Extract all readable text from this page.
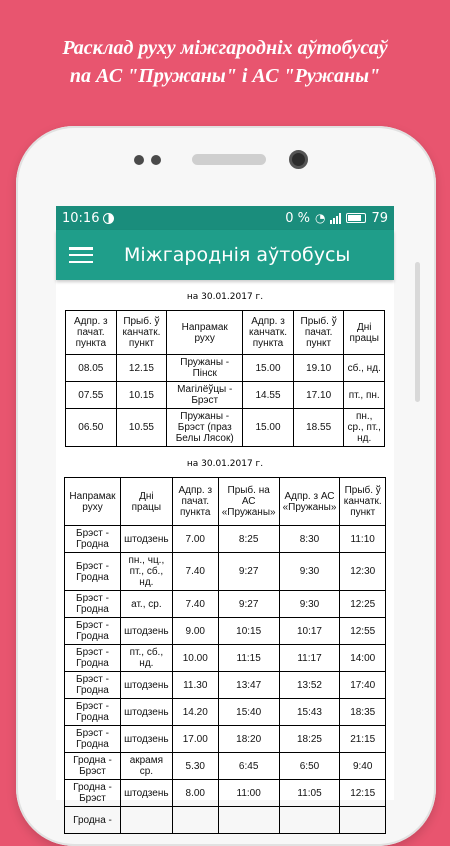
Расклад руху міжгародніх аўтобусаў
па АС "Пружаны" і АС "Ружаны"
10:16	0 % ◔	79
Міжгароднія аўтобусы
на 30.01.2017 г.
Адпр. з пачат. пункта	Прыб. ў канчатк. пункт	Напрамак руху	Адпр. з канчатк. пункта	Прыб. ў пачат. пункт	Дні працы
08.05	12.15	Пружаны - Пінск	15.00	19.10	сб., нд.
07.55	10.15	Магілёўцы - Брэст	14.55	17.10	пт., пн.
06.50	10.55	Пружаны - Брэст (праз Белы Лясок)	15.00	18.55	пн., ср., пт., нд.
на 30.01.2017 г.
Напрамак руху	Дні працы	Адпр. з пачат. пункта	Прыб. на АС «Пружаны»	Адпр. з АС «Пружаны»	Прыб. ў канчатк. пункт
Брэст - Гродна	штодзень	7.00	8:25	8:30	11:10
Брэст - Гродна	пн., чц., пт., сб., нд.	7.40	9:27	9:30	12:30
Брэст - Гродна	ат., ср.	7.40	9:27	9:30	12:25
Брэст - Гродна	штодзень	9.00	10:15	10:17	12:55
Брэст - Гродна	пт., сб., нд.	10.00	11:15	11:17	14:00
Брэст - Гродна	штодзень	11.30	13:47	13:52	17:40
Брэст - Гродна	штодзень	14.20	15:40	15:43	18:35
Брэст - Гродна	штодзень	17.00	18:20	18:25	21:15
Гродна - Брэст	акрамя ср.	5.30	6:45	6:50	9:40
Гродна - Брэст	штодзень	8.00	11:00	11:05	12:15
Гродна -					
